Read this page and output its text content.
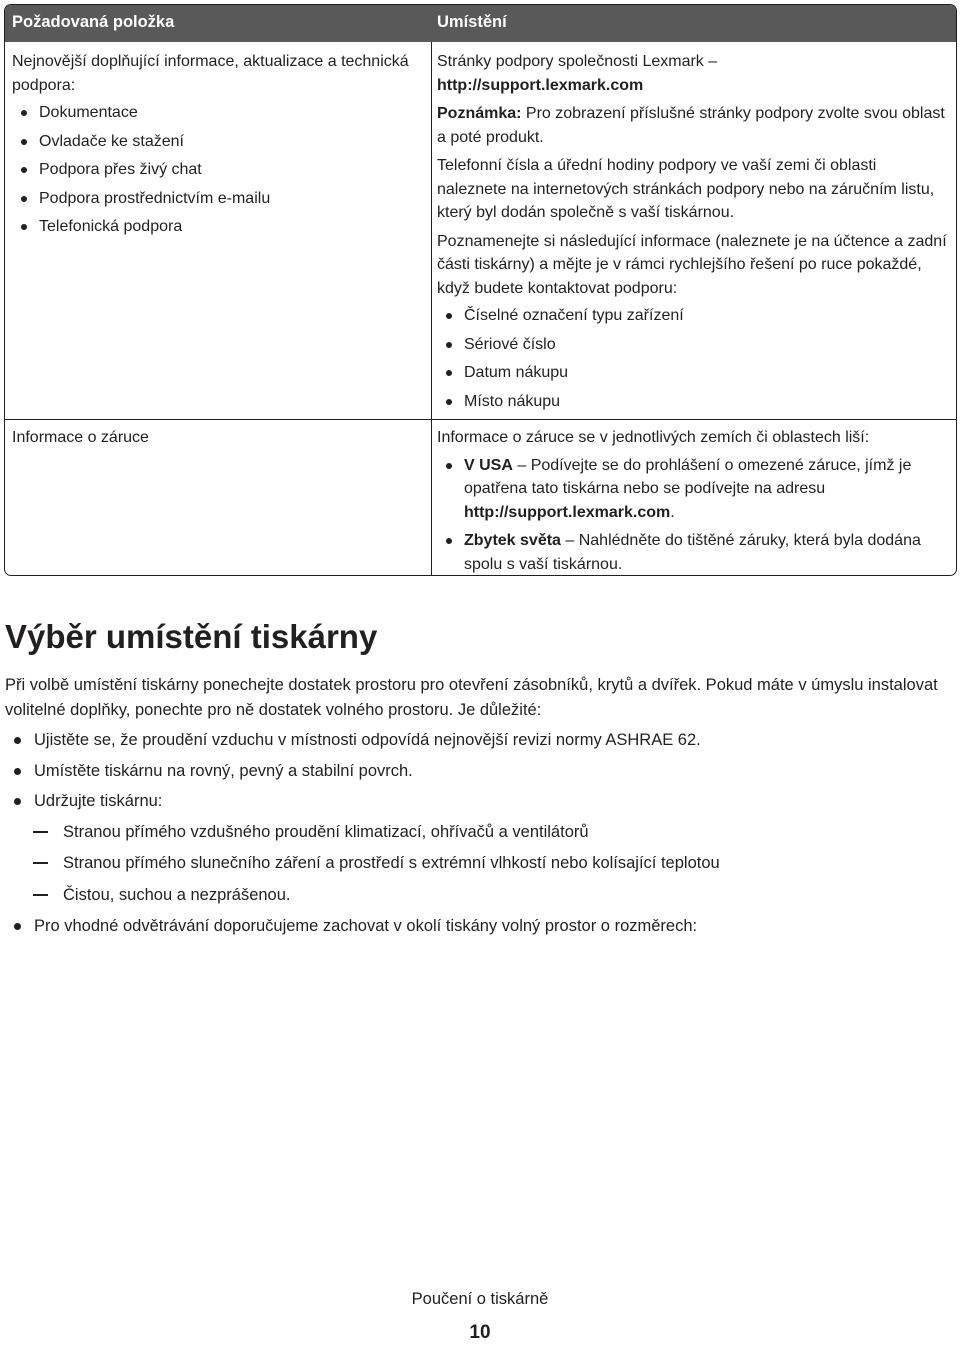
Požadovaná položka	Umístění

Nejnovější doplňující informace, aktualizace a technická podpora:

Dokumentace
Ovladače ke stažení
Podpora přes živý chat
Podpora prostřednictvím e-mailu
Telefonická podpora

Stránky podpory společnosti Lexmark –
http://support.lexmark.com

Poznámka: Pro zobrazení příslušné stránky podpory zvolte svou oblast a poté produkt.

Telefonní čísla a úřední hodiny podpory ve vaší zemi či oblasti naleznete na internetových stránkách podpory nebo na záručním listu, který byl dodán společně s vaší tiskárnou.

Poznamenejte si následující informace (naleznete je na účtence a zadní části tiskárny) a mějte je v rámci rychlejšího řešení po ruce pokaždé, když budete kontaktovat podporu:

Číselné označení typu zařízení
Sériové číslo
Datum nákupu
Místo nákupu

Informace o záruce	Informace o záruce se v jednotlivých zemích či oblastech liší:

V USA – Podívejte se do prohlášení o omezené záruce, jímž je opatřena tato tiskárna nebo se podívejte na adresu http://support.lexmark.com.
Zbytek světa – Nahlédněte do tištěné záruky, která byla dodána spolu s vaší tiskárnou.
Výběr umístění tiskárny

Při volbě umístění tiskárny ponechejte dostatek prostoru pro otevření zásobníků, krytů a dvířek. Pokud máte v úmyslu instalovat volitelné doplňky, ponechte pro ně dostatek volného prostoru. Je důležité:

Ujistěte se, že proudění vzduchu v místnosti odpovídá nejnovější revizi normy ASHRAE 62.
Umístěte tiskárnu na rovný, pevný a stabilní povrch.
Udržujte tiskárnu:
Stranou přímého vzdušného proudění klimatizací, ohřívačů a ventilátorů
Stranou přímého slunečního záření a prostředí s extrémní vlhkostí nebo kolísající teplotou
Čistou, suchou a nezprášenou.
Pro vhodné odvětrávání doporučujeme zachovat v okolí tiskány volný prostor o rozměrech:
Poučení o tiskárně
10
